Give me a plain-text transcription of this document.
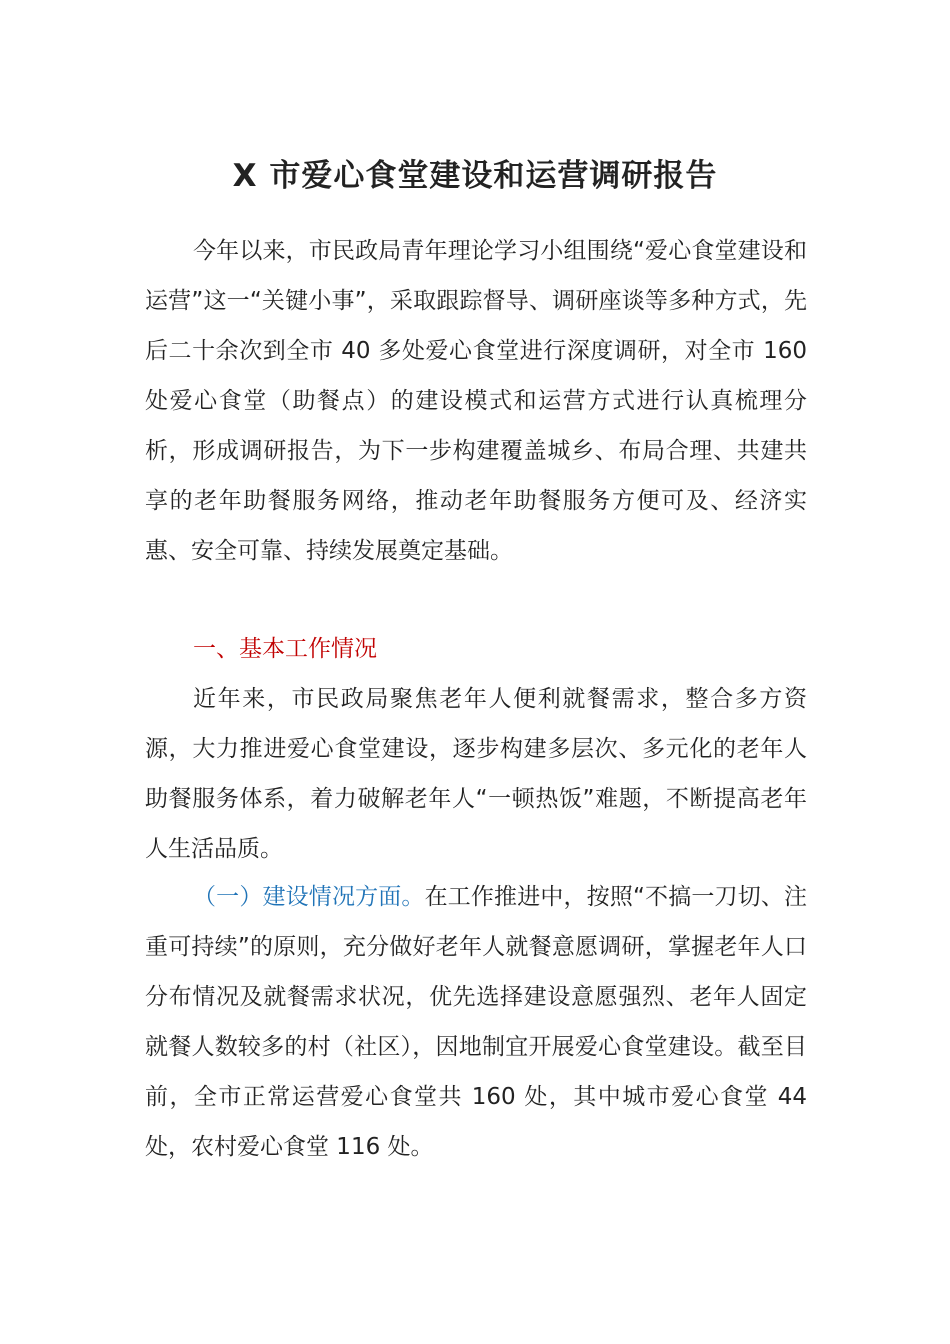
X 市爱心食堂建设和运营调研报告

今年以来，市民政局青年理论学习小组围绕“爱心食堂建设和运营”这一“关键小事”，采取跟踪督导、调研座谈等多种方式，先后二十余次到全市 40 多处爱心食堂进行深度调研，对全市 160 处爱心食堂（助餐点）的建设模式和运营方式进行认真梳理分析，形成调研报告，为下一步构建覆盖城乡、布局合理、共建共享的老年助餐服务网络，推动老年助餐服务方便可及、经济实惠、安全可靠、持续发展奠定基础。

一、基本工作情况

近年来，市民政局聚焦老年人便利就餐需求，整合多方资源，大力推进爱心食堂建设，逐步构建多层次、多元化的老年人助餐服务体系，着力破解老年人“一顿热饭”难题，不断提高老年人生活品质。

（一）建设情况方面。在工作推进中，按照“不搞一刀切、注重可持续”的原则，充分做好老年人就餐意愿调研，掌握老年人口分布情况及就餐需求状况，优先选择建设意愿强烈、老年人固定就餐人数较多的村（社区），因地制宜开展爱心食堂建设。截至目前，全市正常运营爱心食堂共 160 处，其中城市爱心食堂 44 处，农村爱心食堂 116 处。
